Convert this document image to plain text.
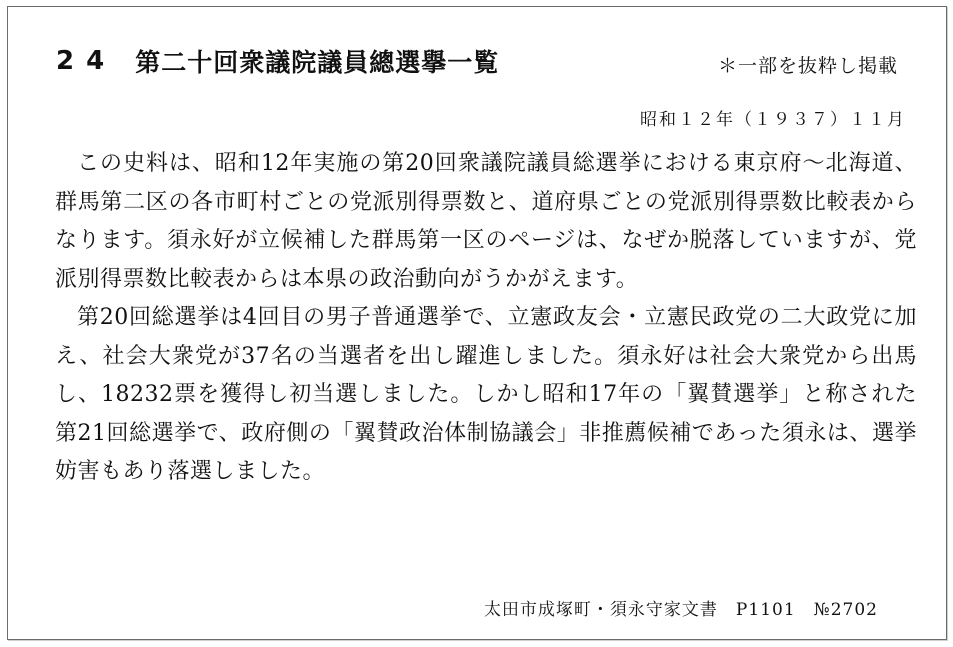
24 第二十回衆議院議員總選擧一覧	＊一部を抜粋し掲載
昭和１２年（１９３７）１１月

この史料は、昭和12年実施の第20回衆議院議員総選挙における東京府～北海道、群馬第二区の各市町村ごとの党派別得票数と、道府県ごとの党派別得票数比較表からなります。須永好が立候補した群馬第一区のページは、なぜか脱落していますが、党派別得票数比較表からは本県の政治動向がうかがえます。

第20回総選挙は4回目の男子普通選挙で、立憲政友会・立憲民政党の二大政党に加え、社会大衆党が37名の当選者を出し躍進しました。須永好は社会大衆党から出馬し、18232票を獲得し初当選しました。しかし昭和17年の「翼賛選挙」と称された第21回総選挙で、政府側の「翼賛政治体制協議会」非推薦候補であった須永は、選挙妨害もあり落選しました。

太田市成塚町・須永守家文書　P1101　№2702
